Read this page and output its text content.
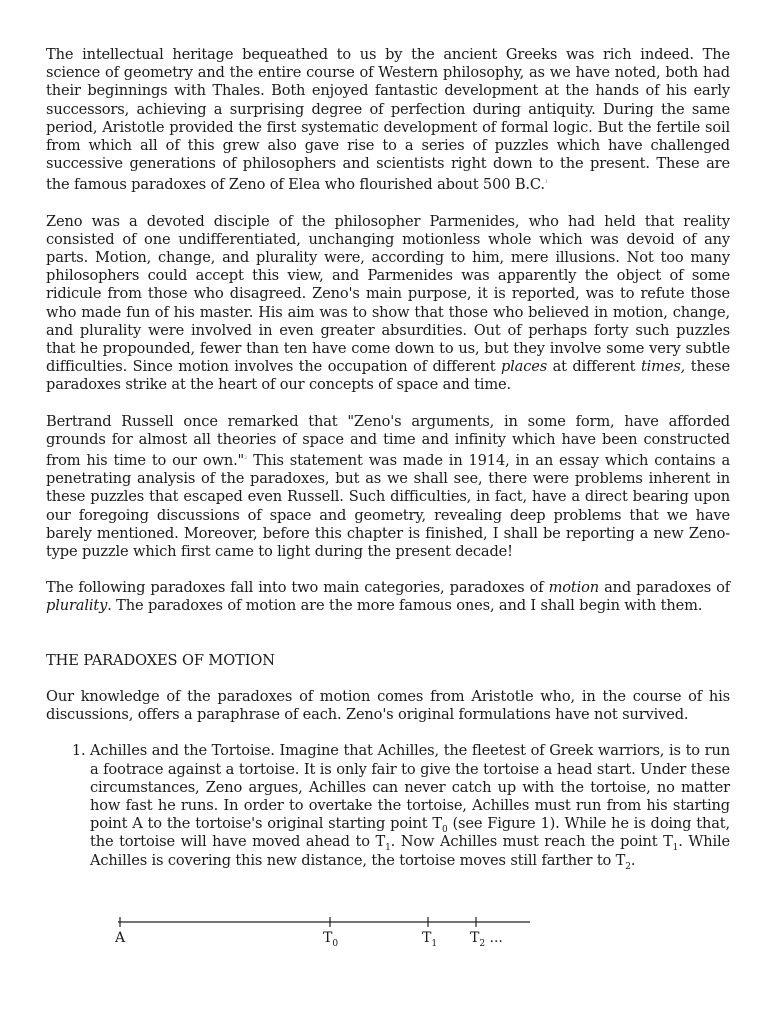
The intellectual heritage bequeathed to us by the ancient Greeks was rich indeed. The science of geometry and the entire course of Western philosophy, as we have noted, both had their beginnings with Thales. Both enjoyed fantastic development at the hands of his early successors, achieving a surprising degree of perfection during antiquity. During the same period, Aristotle provided the first systematic development of formal logic. But the fertile soil from which all of this grew also gave rise to a series of puzzles which have challenged successive generations of philosophers and scientists right down to the present. These are the famous paradoxes of Zeno of Elea who flourished about 500 B.C.$^1$

Zeno was a devoted disciple of the philosopher Parmenides, who had held that reality consisted of one undifferentiated, unchanging motionless whole which was devoid of any parts. Motion, change, and plurality were, according to him, mere illusions. Not too many philosophers could accept this view, and Parmenides was apparently the object of some ridicule from those who disagreed. Zeno's main purpose, it is reported, was to refute those who made fun of his master. His aim was to show that those who believed in motion, change, and plurality were involved in even greater absurdities. Out of perhaps forty such puzzles that he propounded, fewer than ten have come down to us, but they involve some very subtle difficulties. Since motion involves the occupation of different places at different times, these paradoxes strike at the heart of our concepts of space and time.

Bertrand Russell once remarked that "Zeno's arguments, in some form, have afforded grounds for almost all theories of space and time and infinity which have been constructed from his time to our own."$^2$ This statement was made in 1914, in an essay which contains a penetrating analysis of the paradoxes, but as we shall see, there were problems inherent in these puzzles that escaped even Russell. Such difficulties, in fact, have a direct bearing upon our foregoing discussions of space and geometry, revealing deep problems that we have barely mentioned. Moreover, before this chapter is finished, I shall be reporting a new Zeno-type puzzle which first came to light during the present decade!

The following paradoxes fall into two main categories, paradoxes of motion and paradoxes of plurality. The paradoxes of motion are the more famous ones, and I shall begin with them.

THE PARADOXES OF MOTION

Our knowledge of the paradoxes of motion comes from Aristotle who, in the course of his discussions, offers a paraphrase of each. Zeno's original formulations have not survived.

1. Achilles and the Tortoise. Imagine that Achilles, the fleetest of Greek warriors, is to run a footrace against a tortoise. It is only fair to give the tortoise a head start. Under these circumstances, Zeno argues, Achilles can never catch up with the tortoise, no matter how fast he runs. In order to overtake the tortoise, Achilles must run from his starting point A to the tortoise's original starting point $T_0$ (see Figure 1). While he is doing that, the tortoise will have moved ahead to $T_1$. Now Achilles must reach the point $T_1$. While Achilles is covering this new distance, the tortoise moves still farther to $T_2$.
A	$T_0$	$T_1$ $T_2$ ...
